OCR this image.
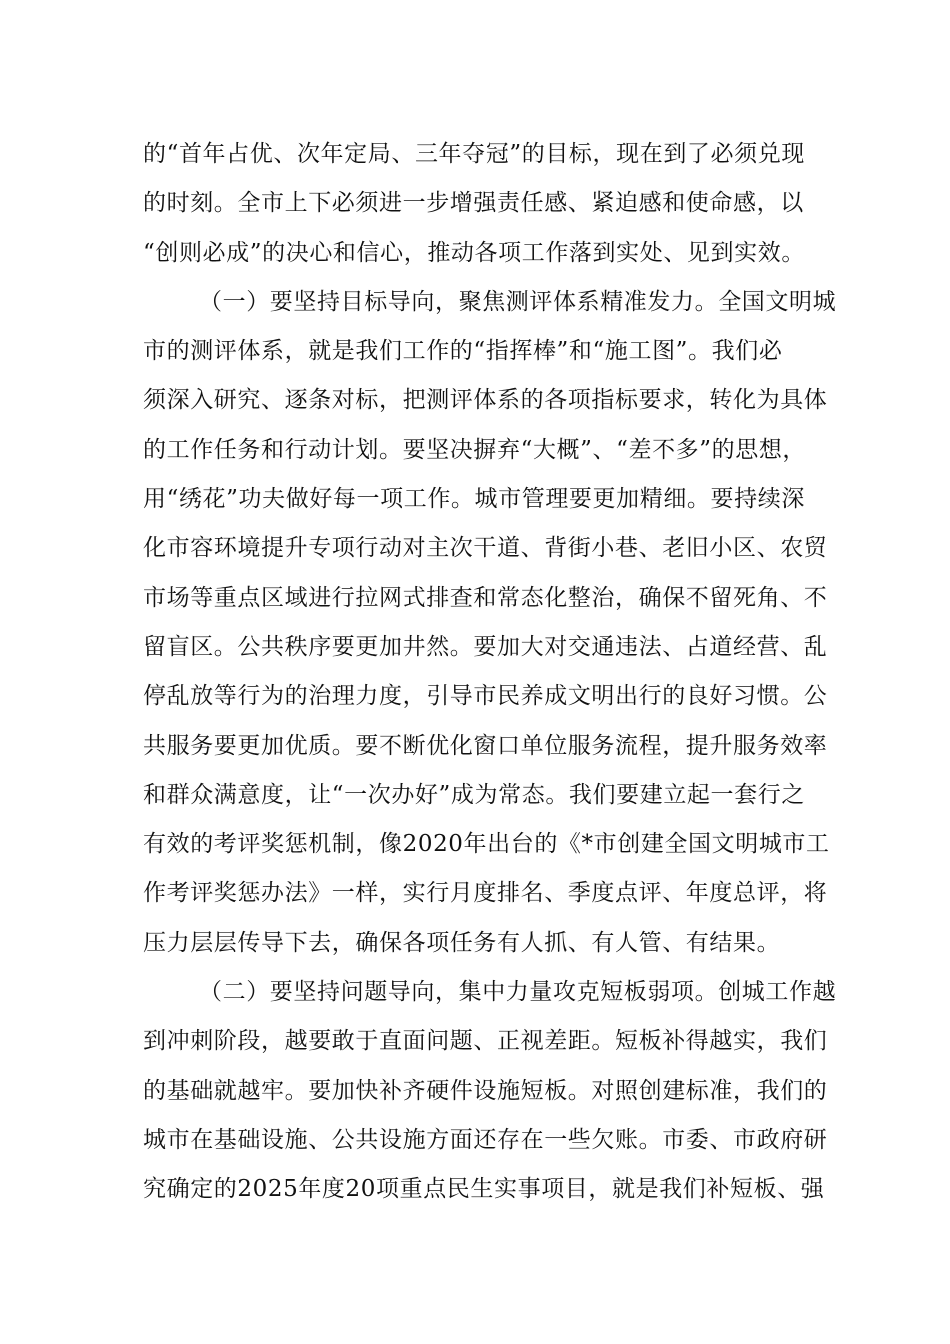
的“首年占优、次年定局、三年夺冠”的目标，现在到了必须兑现
的时刻。全市上下必须进一步增强责任感、紧迫感和使命感，以
“创则必成”的决心和信心，推动各项工作落到实处、见到实效。
（一）要坚持目标导向，聚焦测评体系精准发力。全国文明城
市的测评体系，就是我们工作的“指挥棒”和“施工图”。我们必
须深入研究、逐条对标，把测评体系的各项指标要求，转化为具体
的工作任务和行动计划。要坚决摒弃“大概”、“差不多”的思想，
用“绣花”功夫做好每一项工作。城市管理要更加精细。要持续深
化市容环境提升专项行动对主次干道、背街小巷、老旧小区、农贸
市场等重点区域进行拉网式排查和常态化整治，确保不留死角、不
留盲区。公共秩序要更加井然。要加大对交通违法、占道经营、乱
停乱放等行为的治理力度，引导市民养成文明出行的良好习惯。公
共服务要更加优质。要不断优化窗口单位服务流程，提升服务效率
和群众满意度，让“一次办好”成为常态。我们要建立起一套行之
有效的考评奖惩机制，像2020年出台的《*市创建全国文明城市工
作考评奖惩办法》一样，实行月度排名、季度点评、年度总评，将
压力层层传导下去，确保各项任务有人抓、有人管、有结果。
（二）要坚持问题导向，集中力量攻克短板弱项。创城工作越
到冲刺阶段，越要敢于直面问题、正视差距。短板补得越实，我们
的基础就越牢。要加快补齐硬件设施短板。对照创建标准，我们的
城市在基础设施、公共设施方面还存在一些欠账。市委、市政府研
究确定的2025年度20项重点民生实事项目，就是我们补短板、强
